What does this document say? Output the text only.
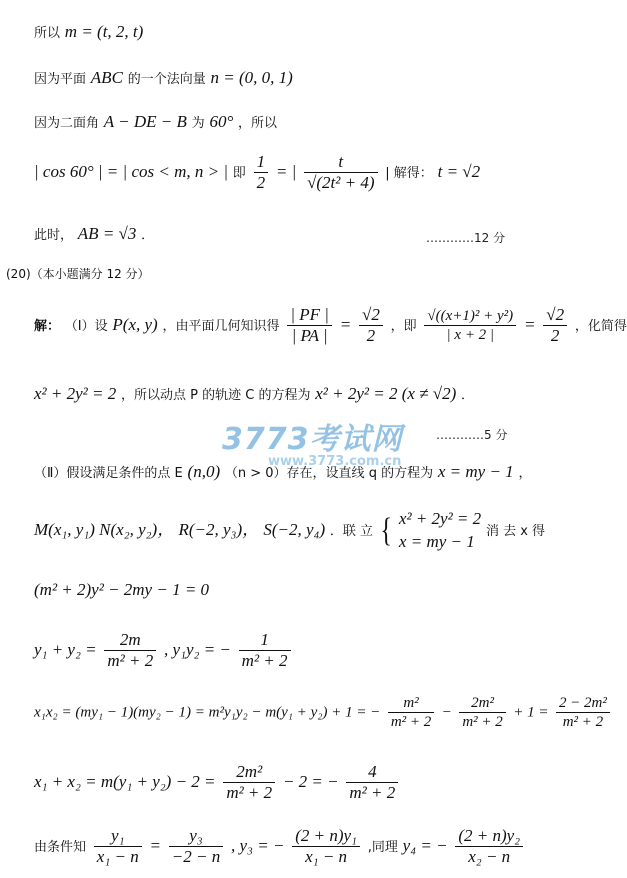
所以 m = (t, 2, t)
因为平面 ABC 的一个法向量 n = (0, 0, 1)
因为二面角 A − DE − B 为 60° ，所以
| cos 60° | = | cos < m, n > | 即 $\frac{1}{2}$ = | $\frac{t}{\text{√(2t² + 4)}}$ | 解得： t = √2
此时， AB = √3 ．	…………12 分
(20)（本小题满分 12 分）
解： （Ⅰ）设 P(x, y) ，由平面几何知识得 $\frac{| PF |}{| PA |} = \frac{√2}{2}$ ，即 $\frac{\text{√((x+1)² + y²)}}{| x + 2 |} = \frac{√2}{2}$ ，化简得
x² + 2y² = 2 ，所以动点 P 的轨迹 C 的方程为 x² + 2y² = 2 (x ≠ √2) ．
3773考试网
www.3773.com.cn
…………5 分
（Ⅱ）假设满足条件的点 E (n,0) （n > 0）存在，设直线 q 的方程为 x = my − 1 ，
M(x₁, y₁) N(x₂, y₂)， R(−2, y₃)， S(−2, y₄) ．联 立 { x² + 2y² = 2
x = my − 1
消 去 x 得
(m² + 2)y² − 2my − 1 = 0
$y_1 + y_2 = \frac{2m}{\text{m² + 2}}$ , y₁y₂ = − $\frac{1}{\text{m² + 2}}$
x₁x₂ = (my₁ − 1)(my₂ − 1) = m²y₁y₂ − m(y₁ + y₂) + 1 = − $\frac{\text{m²}}{\text{m² + 2}} - \frac{\text{2m²}}{\text{m² + 2}} + 1 = \frac{\text{2 − 2m²}}{\text{m² + 2}}$
$x_1 + x_2 = m(y_1 + y_2) - 2 = \frac{\text{2m²}}{\text{m² + 2}} - 2$ = − $\frac{4}{\text{m² + 2}}$
由条件知 $\frac{\text{y₁}}{\text{x₁ − n}} = \frac{\text{y₃}}{-2 - n}$ , y₃ = − $\frac{\text{(2 + n)y₁}}{\text{x₁ − n}}$ ,同理 y₄ = − $\frac{\text{(2 + n)y₂}}{\text{x₂ − n}}$
